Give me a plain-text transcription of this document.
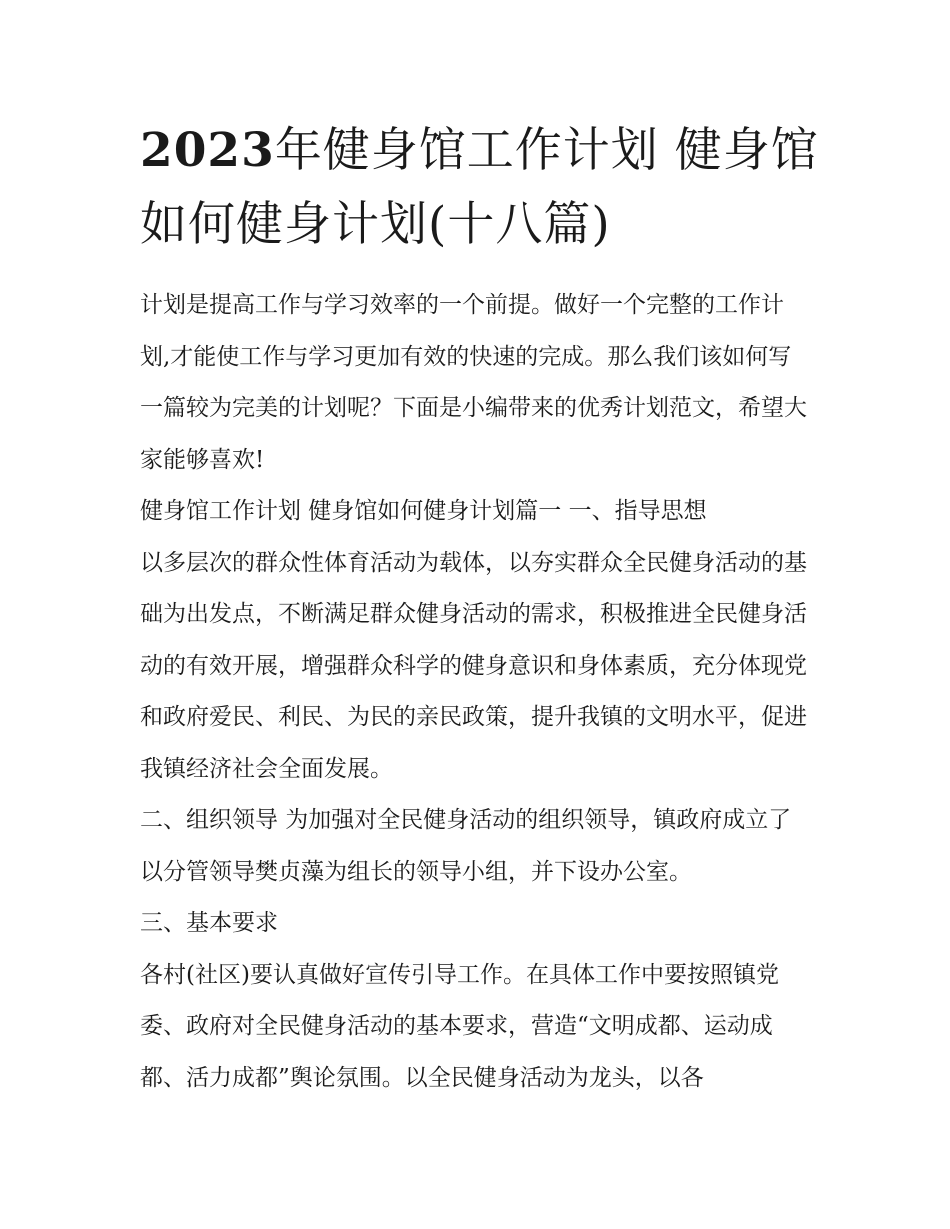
2023年健身馆工作计划 健身馆如何健身计划(十八篇)

计划是提高工作与学习效率的一个前提。做好一个完整的工作计划,才能使工作与学习更加有效的快速的完成。那么我们该如何写一篇较为完美的计划呢？下面是小编带来的优秀计划范文，希望大家能够喜欢!

健身馆工作计划 健身馆如何健身计划篇一 一、指导思想

以多层次的群众性体育活动为载体，以夯实群众全民健身活动的基础为出发点，不断满足群众健身活动的需求，积极推进全民健身活动的有效开展，增强群众科学的健身意识和身体素质，充分体现党和政府爱民、利民、为民的亲民政策，提升我镇的文明水平，促进我镇经济社会全面发展。

二、组织领导 为加强对全民健身活动的组织领导，镇政府成立了以分管领导樊贞藻为组长的领导小组，并下设办公室。

三、基本要求

各村(社区)要认真做好宣传引导工作。在具体工作中要按照镇党委、政府对全民健身活动的基本要求，营造“文明成都、运动成都、活力成都”舆论氛围。以全民健身活动为龙头，以各
